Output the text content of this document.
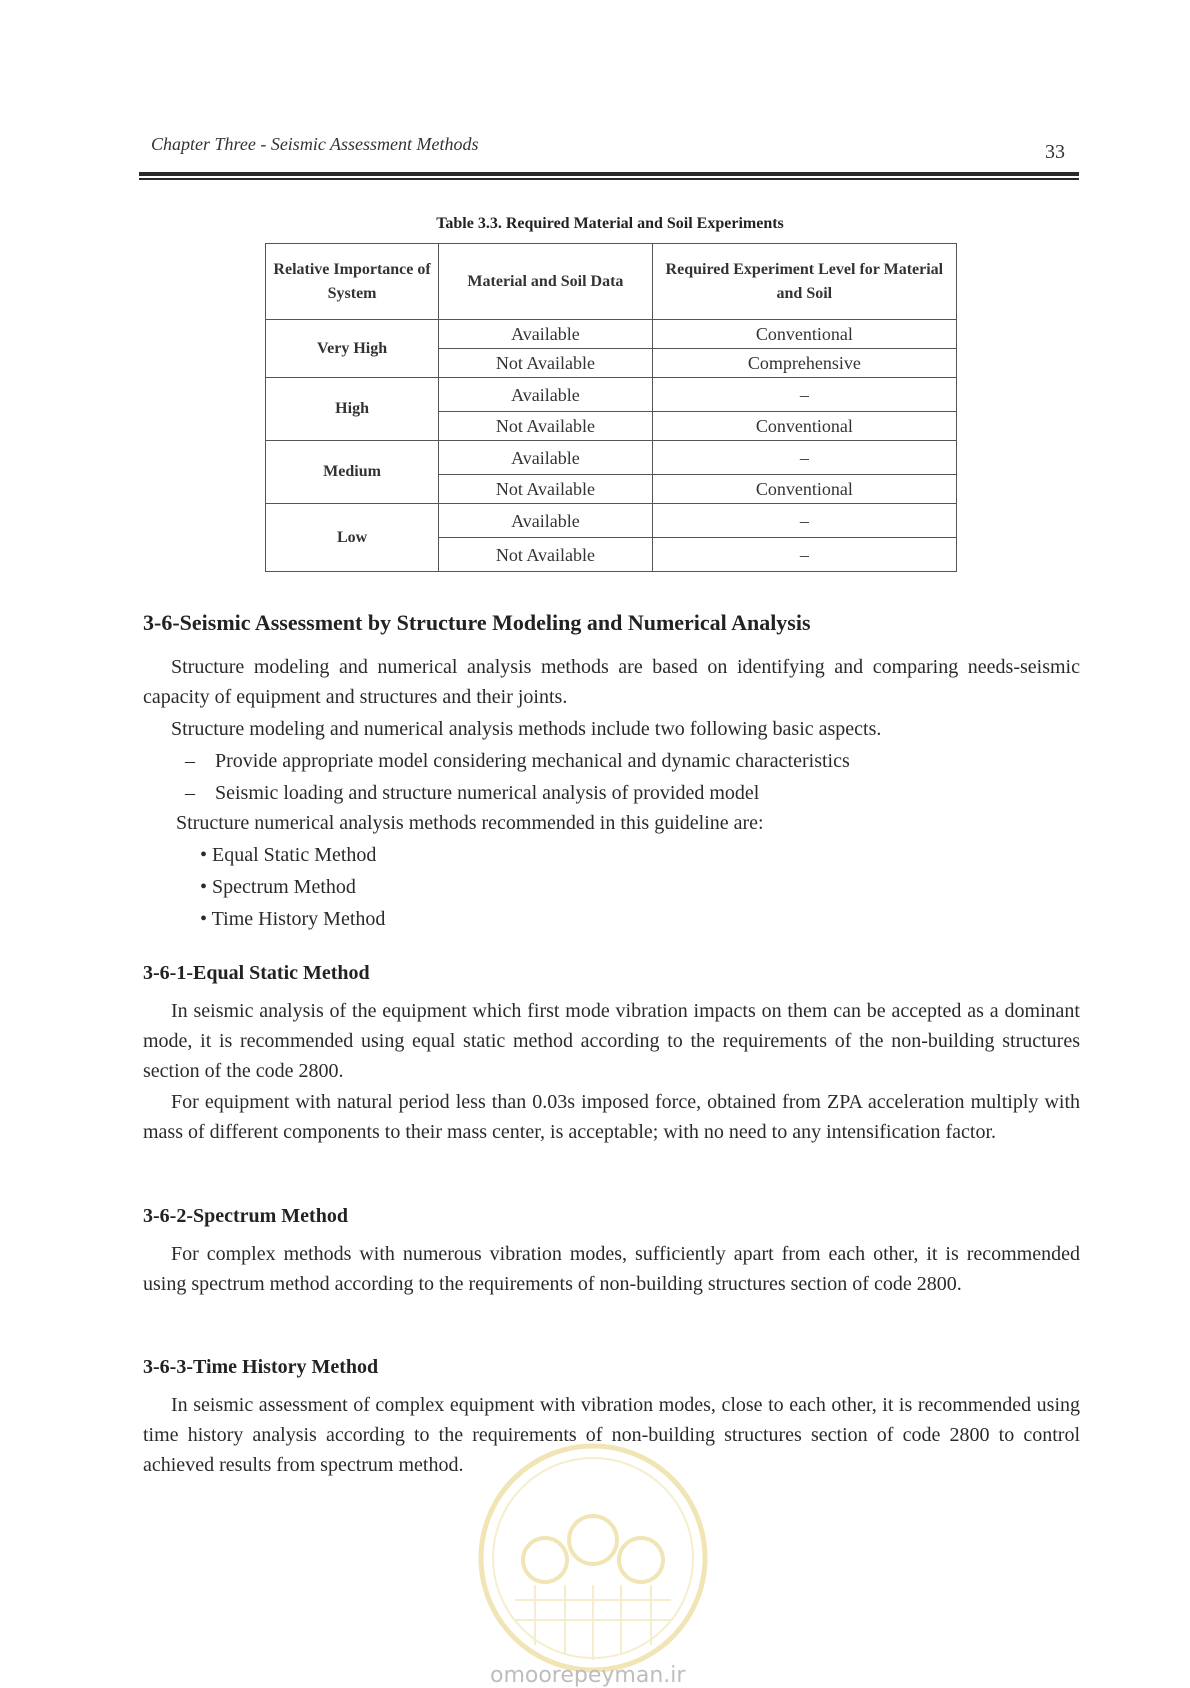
Chapter Three - Seismic Assessment Methods	33
Table 3.3. Required Material and Soil Experiments
Relative Importance of System	Material and Soil Data	Required Experiment Level for Material and Soil
Very High	Available	Conventional
	Not Available	Comprehensive
High	Available	–
	Not Available	Conventional
Medium	Available	–
	Not Available	Conventional
Low	Available	–
	Not Available	–
3-6-Seismic Assessment by Structure Modeling and Numerical Analysis

Structure modeling and numerical analysis methods are based on identifying and comparing needs-seismic capacity of equipment and structures and their joints.

Structure modeling and numerical analysis methods include two following basic aspects.
– Provide appropriate model considering mechanical and dynamic characteristics
– Seismic loading and structure numerical analysis of provided model
Structure numerical analysis methods recommended in this guideline are:
• Equal Static Method
• Spectrum Method
• Time History Method
3-6-1-Equal Static Method

In seismic analysis of the equipment which first mode vibration impacts on them can be accepted as a dominant mode, it is recommended using equal static method according to the requirements of the non-building structures section of the code 2800.

For equipment with natural period less than 0.03s imposed force, obtained from ZPA acceleration multiply with mass of different components to their mass center, is acceptable; with no need to any intensification factor.

3-6-2-Spectrum Method

For complex methods with numerous vibration modes, sufficiently apart from each other, it is recommended using spectrum method according to the requirements of non-building structures section of code 2800.

3-6-3-Time History Method

In seismic assessment of complex equipment with vibration modes, close to each other, it is recommended using time history analysis according to the requirements of non-building structures section of code 2800 to control achieved results from spectrum method.

omoorepeyman.ir
